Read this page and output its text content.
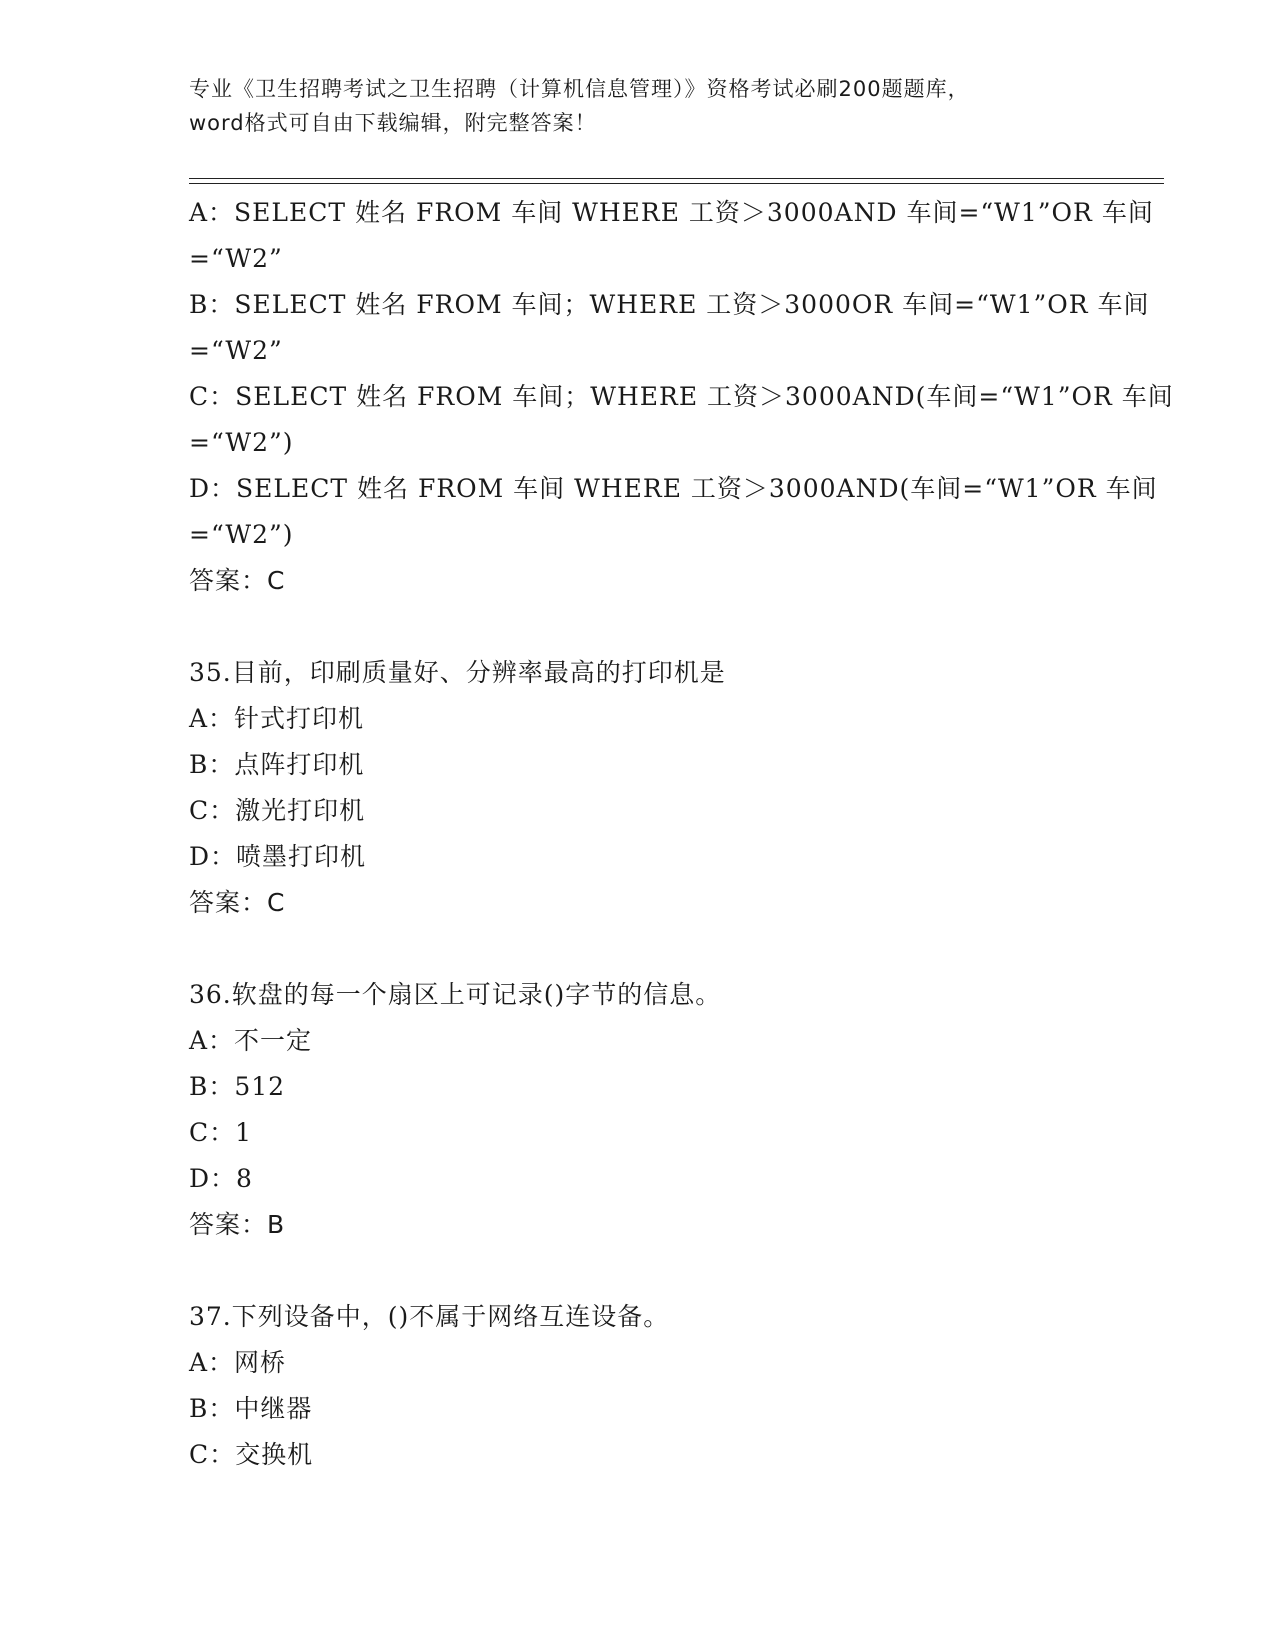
专业《卫生招聘考试之卫生招聘（计算机信息管理）》资格考试必刷200题题库，
word格式可自由下载编辑，附完整答案！
A：SELECT 姓名 FROM 车间 WHERE 工资＞3000AND 车间=“W1”OR 车间
=“W2”
B：SELECT 姓名 FROM 车间；WHERE 工资＞3000OR 车间=“W1”OR 车间
=“W2”
C：SELECT 姓名 FROM 车间；WHERE 工资＞3000AND(车间=“W1”OR 车间
=“W2”)
D：SELECT 姓名 FROM 车间 WHERE 工资＞3000AND(车间=“W1”OR 车间
=“W2”)
答案：C
35.目前，印刷质量好、分辨率最高的打印机是
A：针式打印机
B：点阵打印机
C：激光打印机
D：喷墨打印机
答案：C
36.软盘的每一个扇区上可记录()字节的信息。
A：不一定
B：512
C：1
D：8
答案：B
37.下列设备中，()不属于网络互连设备。
A：网桥
B：中继器
C：交换机
